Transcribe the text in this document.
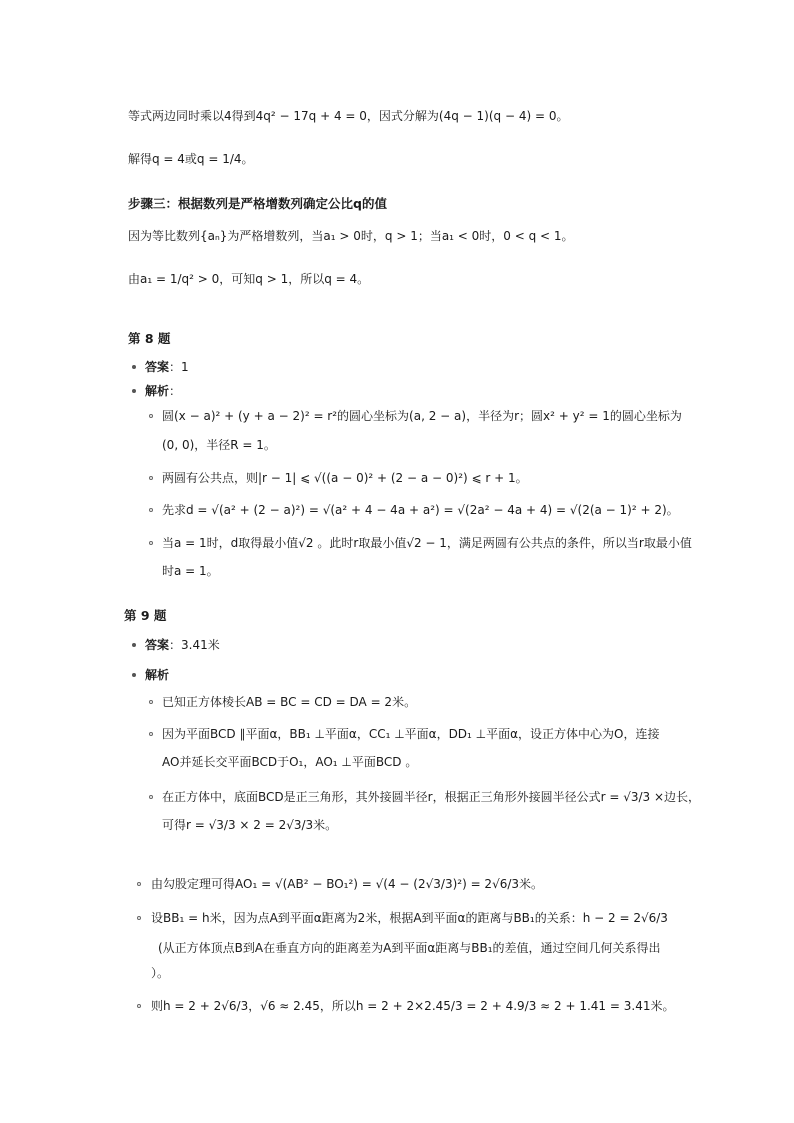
等式两边同时乘以4得到4q² − 17q + 4 = 0，因式分解为(4q − 1)(q − 4) = 0。
解得q = 4或q = 1/4。
步骤三：根据数列是严格增数列确定公比q的值
因为等比数列{aₙ}为严格增数列，当a₁ > 0时，q > 1；当a₁ < 0时，0 < q < 1。
由a₁ = 1/q² > 0，可知q > 1，所以q = 4。
第 8 题
答案：1
解析：
圆(x − a)² + (y + a − 2)² = r²的圆心坐标为(a, 2 − a)，半径为r；圆x² + y² = 1的圆心坐标为
(0, 0)，半径R = 1。
两圆有公共点，则|r − 1| ⩽ √((a − 0)² + (2 − a − 0)²) ⩽ r + 1。
先求d = √(a² + (2 − a)²) = √(a² + 4 − 4a + a²) = √(2a² − 4a + 4) = √(2(a − 1)² + 2)。
当a = 1时，d取得最小值√2 。此时r取最小值√2 − 1，满足两圆有公共点的条件，所以当r取最小值
时a = 1。
第 9 题
答案：3.41米
解析
已知正方体棱长AB = BC = CD = DA = 2米。
因为平面BCD ∥平面α，BB₁ ⊥平面α，CC₁ ⊥平面α，DD₁ ⊥平面α，设正方体中心为O，连接
AO并延长交平面BCD于O₁，AO₁ ⊥平面BCD 。
在正方体中，底面BCD是正三角形，其外接圆半径r，根据正三角形外接圆半径公式r = √3/3 ×边长，
可得r = √3/3 × 2 = 2√3/3米。
由勾股定理可得AO₁ = √(AB² − BO₁²) = √(4 − (2√3/3)²) = 2√6/3米。
设BB₁ = h米，因为点A到平面α距离为2米，根据A到平面α的距离与BB₁的关系：h − 2 = 2√6/3
(从正方体顶点B到A在垂直方向的距离差为A到平面α距离与BB₁的差值，通过空间几何关系得出
）。
则h = 2 + 2√6/3，√6 ≈ 2.45，所以h = 2 + 2×2.45/3 = 2 + 4.9/3 ≈ 2 + 1.41 = 3.41米。
